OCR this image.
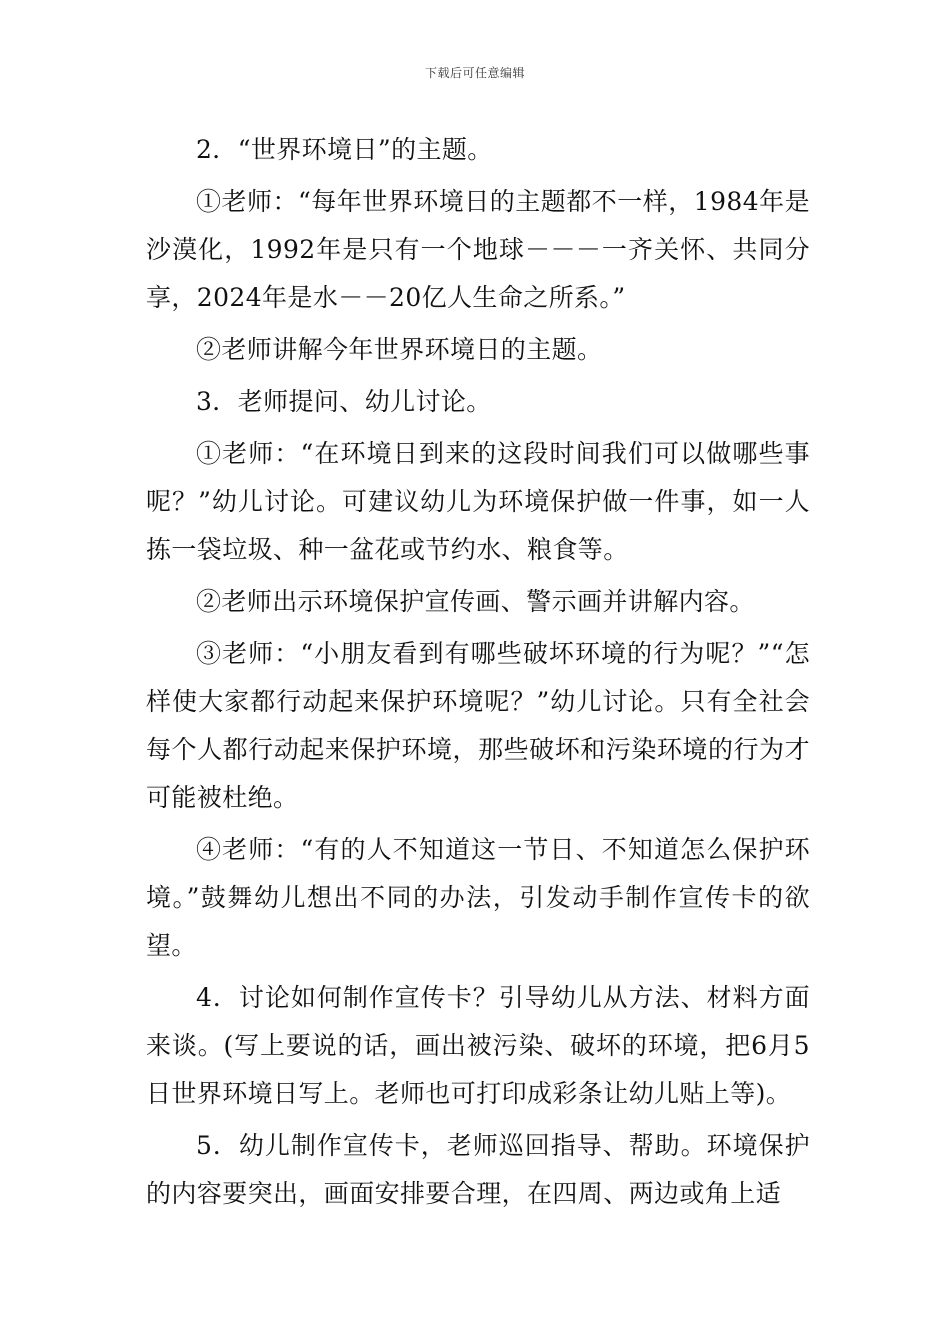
下载后可任意编辑

2．“世界环境日”的主题。

①老师：“每年世界环境日的主题都不一样，1984年是沙漠化，1992年是只有一个地球－－－一齐关怀、共同分享，2024年是水－－20亿人生命之所系。”

②老师讲解今年世界环境日的主题。

3．老师提问、幼儿讨论。

①老师：“在环境日到来的这段时间我们可以做哪些事呢？”幼儿讨论。可建议幼儿为环境保护做一件事，如一人拣一袋垃圾、种一盆花或节约水、粮食等。

②老师出示环境保护宣传画、警示画并讲解内容。

③老师：“小朋友看到有哪些破坏环境的行为呢？”“怎样使大家都行动起来保护环境呢？”幼儿讨论。只有全社会每个人都行动起来保护环境，那些破坏和污染环境的行为才可能被杜绝。

④老师：“有的人不知道这一节日、不知道怎么保护环境。”鼓舞幼儿想出不同的办法，引发动手制作宣传卡的欲 望。

4．讨论如何制作宣传卡？引导幼儿从方法、材料方面来谈。(写上要说的话，画出被污染、破坏的环境，把6月5日世界环境日写上。老师也可打印成彩条让幼儿贴上等)。

5．幼儿制作宣传卡，老师巡回指导、帮助。环境保护的内容要突出，画面安排要合理，在四周、两边或角上适
